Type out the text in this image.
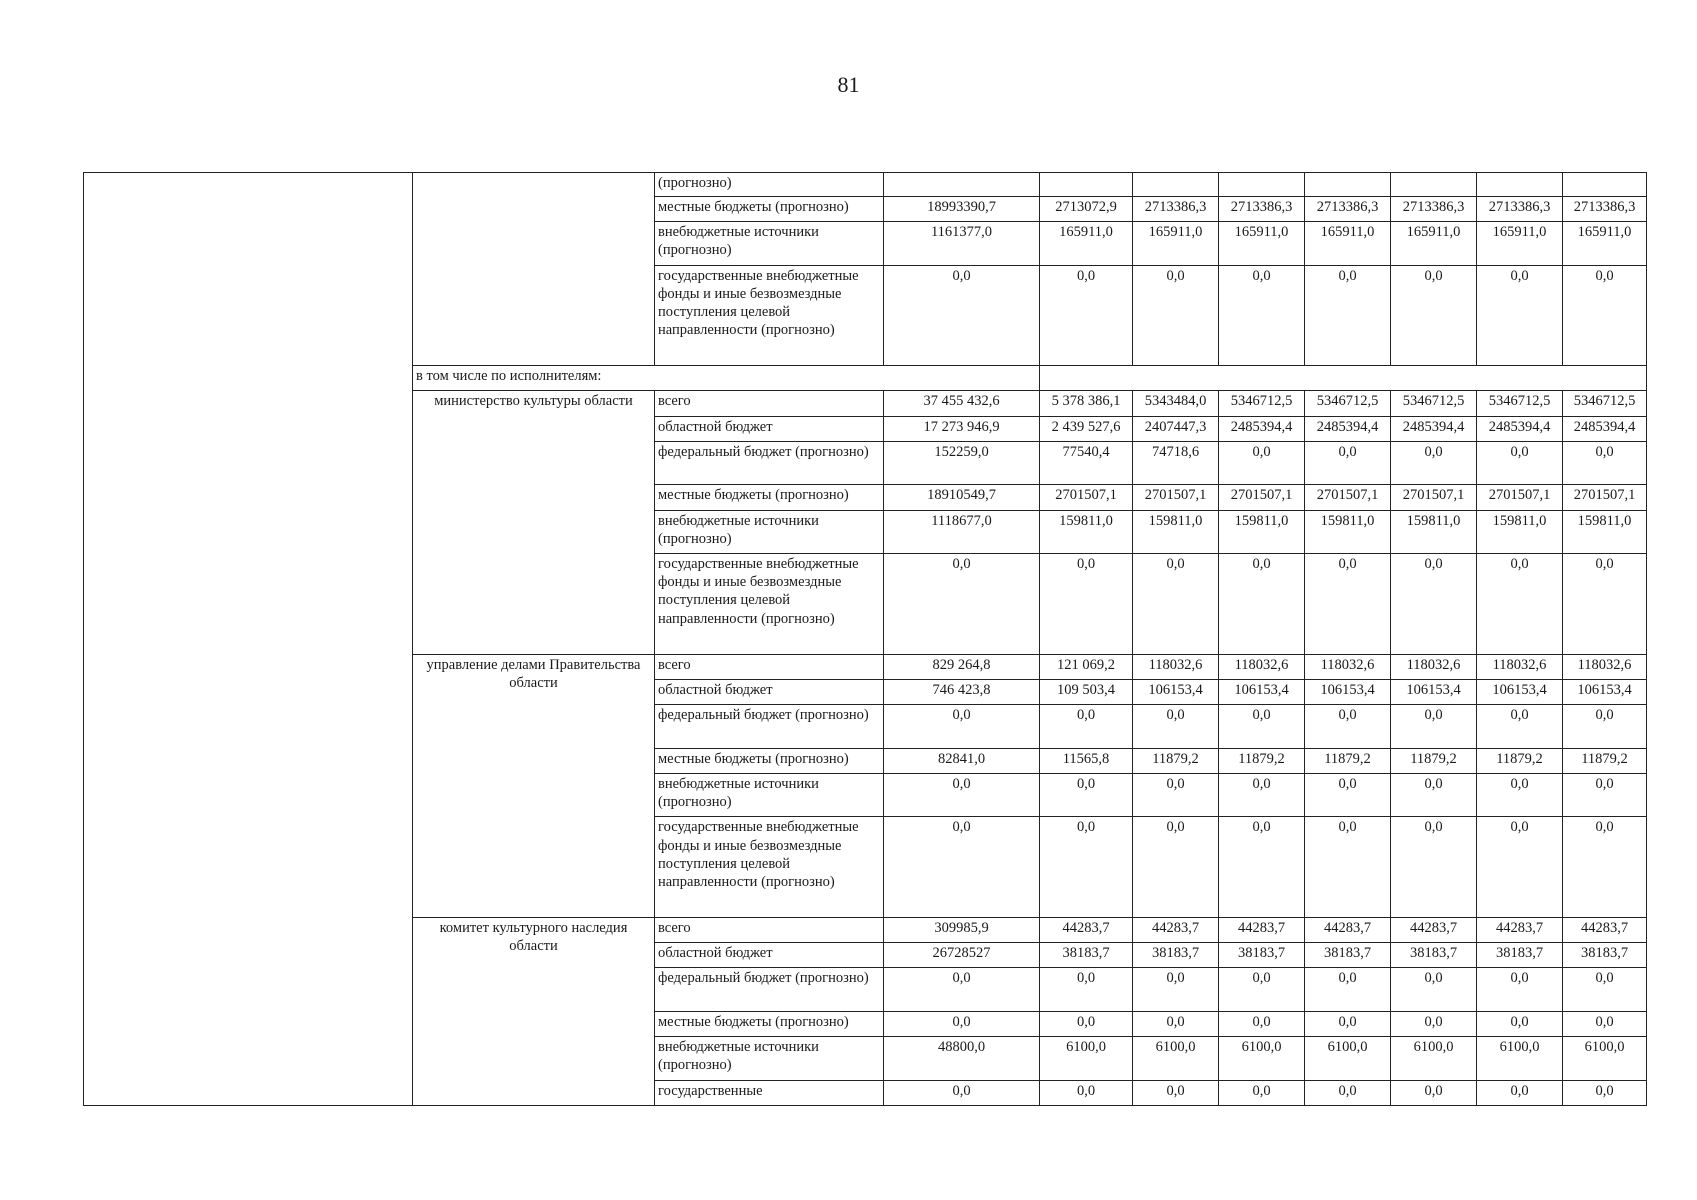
81
		(прогнозно)								
		местные бюджеты (прогнозно)	18993390,7	2713072,9	2713386,3	2713386,3	2713386,3	2713386,3	2713386,3	2713386,3
		внебюджетные источники (прогнозно)	1161377,0	165911,0	165911,0	165911,0	165911,0	165911,0	165911,0	165911,0
		государственные внебюджетные фонды и иные безвозмездные поступления целевой направленности (прогнозно)	0,0	0,0	0,0	0,0	0,0	0,0	0,0	0,0
	в том числе по исполнителям:									
	министерство культуры области	всего	37 455 432,6	5 378 386,1	5343484,0	5346712,5	5346712,5	5346712,5	5346712,5	5346712,5
		областной бюджет	17 273 946,9	2 439 527,6	2407447,3	2485394,4	2485394,4	2485394,4	2485394,4	2485394,4
		федеральный бюджет (прогнозно)	152259,0	77540,4	74718,6	0,0	0,0	0,0	0,0	0,0
		местные бюджеты (прогнозно)	18910549,7	2701507,1	2701507,1	2701507,1	2701507,1	2701507,1	2701507,1	2701507,1
		внебюджетные источники (прогнозно)	1118677,0	159811,0	159811,0	159811,0	159811,0	159811,0	159811,0	159811,0
		государственные внебюджетные фонды и иные безвозмездные поступления целевой направленности (прогнозно)	0,0	0,0	0,0	0,0	0,0	0,0	0,0	0,0
	управление делами Правительства области	всего	829 264,8	121 069,2	118032,6	118032,6	118032,6	118032,6	118032,6	118032,6
		областной бюджет	746 423,8	109 503,4	106153,4	106153,4	106153,4	106153,4	106153,4	106153,4
		федеральный бюджет (прогнозно)	0,0	0,0	0,0	0,0	0,0	0,0	0,0	0,0
		местные бюджеты (прогнозно)	82841,0	11565,8	11879,2	11879,2	11879,2	11879,2	11879,2	11879,2
		внебюджетные источники (прогнозно)	0,0	0,0	0,0	0,0	0,0	0,0	0,0	0,0
		государственные внебюджетные фонды и иные безвозмездные поступления целевой направленности (прогнозно)	0,0	0,0	0,0	0,0	0,0	0,0	0,0	0,0
	комитет культурного наследия области	всего	309985,9	44283,7	44283,7	44283,7	44283,7	44283,7	44283,7	44283,7
		областной бюджет	26728527	38183,7	38183,7	38183,7	38183,7	38183,7	38183,7	38183,7
		федеральный бюджет (прогнозно)	0,0	0,0	0,0	0,0	0,0	0,0	0,0	0,0
		местные бюджеты (прогнозно)	0,0	0,0	0,0	0,0	0,0	0,0	0,0	0,0
		внебюджетные источники (прогнозно)	48800,0	6100,0	6100,0	6100,0	6100,0	6100,0	6100,0	6100,0
		государственные	0,0	0,0	0,0	0,0	0,0	0,0	0,0	0,0
